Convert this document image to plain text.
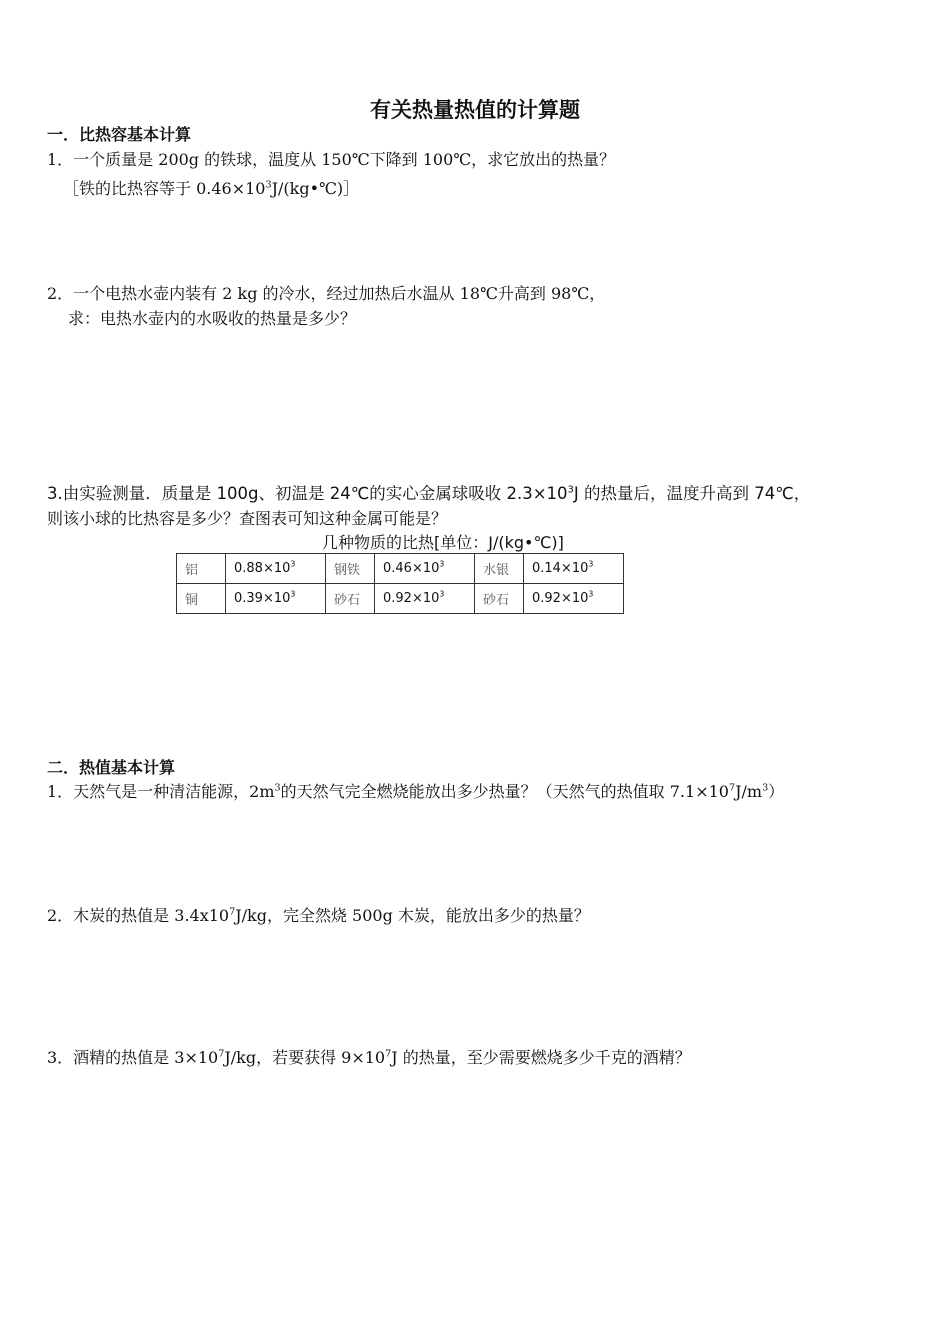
有关热量热值的计算题
一．比热容基本计算
1．一个质量是 200g 的铁球，温度从 150℃下降到 100℃，求它放出的热量？
［铁的比热容等于 $0.46\times 10^3J/(kg•℃)]$
2．一个电热水壶内装有 2 kg 的冷水，经过加热后水温从 18℃升高到 98℃，
求：电热水壶内的水吸收的热量是多少？
3.由实验测量．质量是 100g、初温是 24℃的实心金属球吸收 $2.3\times 10^3J$ 的热量后，温度升高到 74℃，
则该小球的比热容是多少？查图表可知这种金属可能是？
几种物质的比热[单位：J/(kg•℃)]
铝	$0.88\times 10^3$	钢铁	$0.46\times 10^3$	水银	$0.14\times 10^3$
铜	$0.39\times 10^3$	砂石	$0.92\times 10^3$	砂石	$0.92\times 10^3$
二．热值基本计算
1．天然气是一种清洁能源，$2m^3$的天然气完全燃烧能放出多少热量？（天然气的热值取 $7.1\times 10^7J/m^3$）
2．木炭的热值是 $3.4x10^7J/kg$，完全然烧 500g 木炭，能放出多少的热量？
3．酒精的热值是 $3\times 10^7J/kg$，若要获得 $9\times 10^7J$ 的热量，至少需要燃烧多少千克的酒精？
